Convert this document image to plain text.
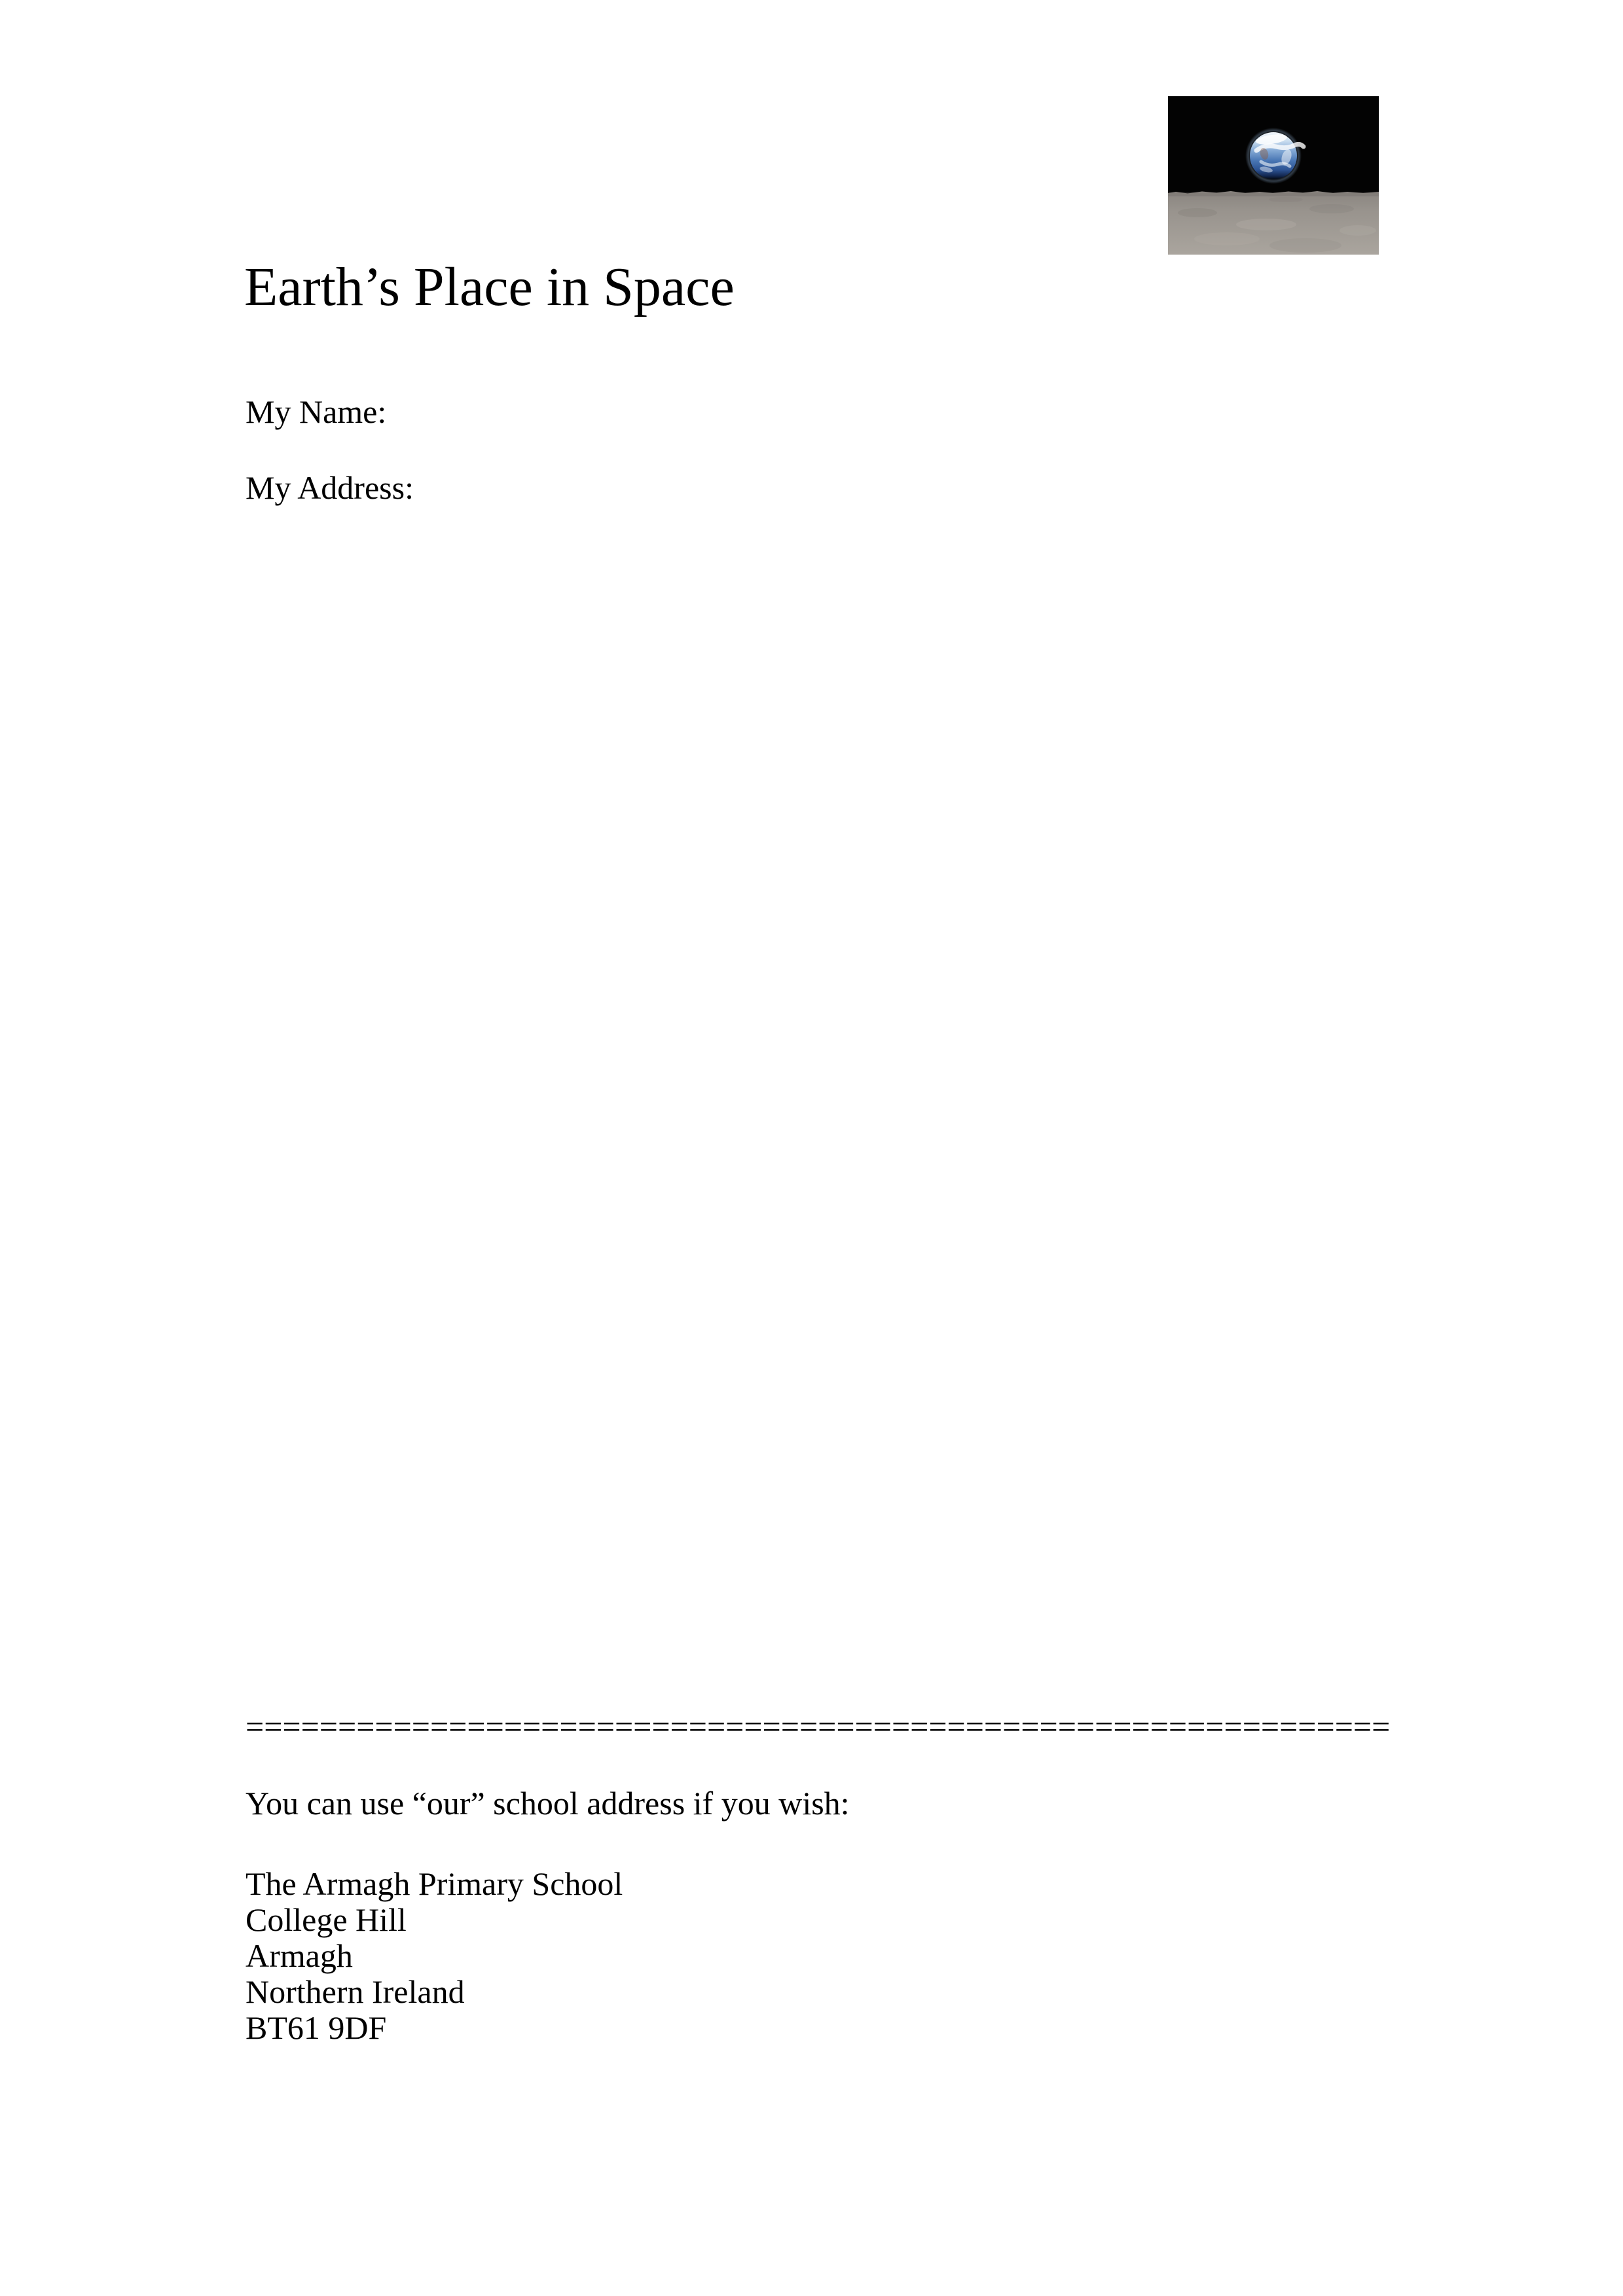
Earth’s Place in Space
My Name:
My Address:
==============================================================
You can use “our” school address if you wish:
The Armagh Primary School
College Hill
Armagh
Northern Ireland
BT61 9DF
